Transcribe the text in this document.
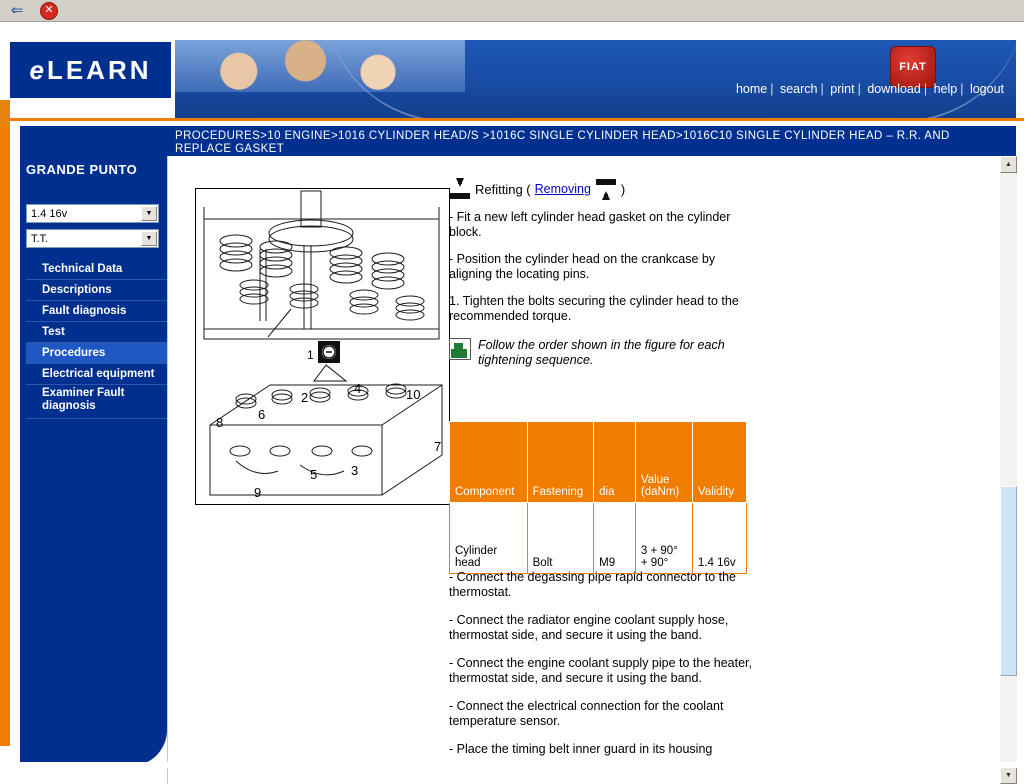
⇐	✕
eLEARN	FIAT
home | search | print | download | help | logout
PROCEDURES>10 ENGINE>1016 CYLINDER HEAD/S >1016C SINGLE CYLINDER HEAD>1016C10 SINGLE CYLINDER HEAD – R.R. AND REPLACE GASKET
GRANDE PUNTO
1.4 16v	▼
T.T.	▼
Technical Data
Descriptions
Fault diagnosis
Test
Procedures
Electrical equipment
Examiner Fault diagnosis
1
2
4	10
6
8
7
3
5
9
Refitting ( Removing )
- Fit a new left cylinder head gasket on the cylinder block.
- Position the cylinder head on the crankcase by aligning the locating pins.
1. Tighten the bolts securing the cylinder head to the recommended torque.
Follow the order shown in the figure for each tightening sequence.
Component	Fastening	dia	Value (daNm)	Validity
Cylinder head	Bolt	M9	3 + 90° + 90°	1.4 16v

- Connect the degassing pipe rapid connector to the thermostat.

- Connect the radiator engine coolant supply hose, thermostat side, and secure it using the band.

- Connect the engine coolant supply pipe to the heater, thermostat side, and secure it using the band.

- Connect the electrical connection for the coolant temperature sensor.

- Place the timing belt inner guard in its housing

▲
▼
